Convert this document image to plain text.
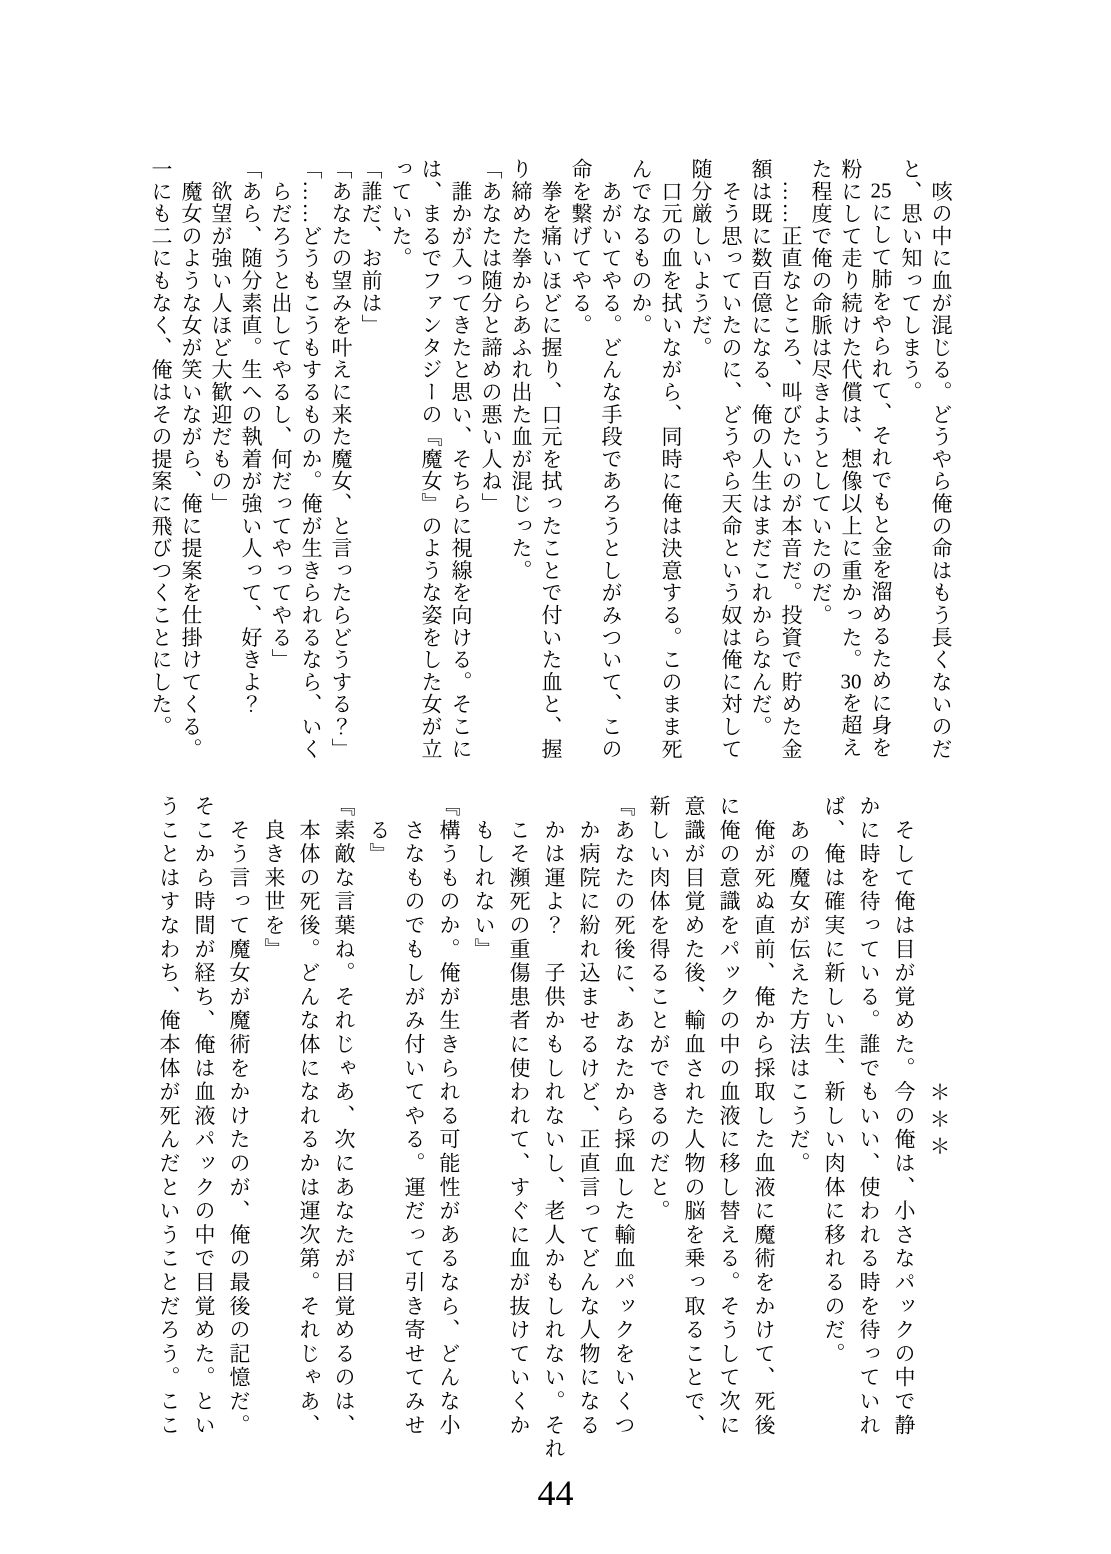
　咳の中に血が混じる。どうやら俺の命はもう長くないのだ

と、思い知ってしまう。

　25にして肺をやられて、それでもと金を溜めるために身を

粉にして走り続けた代償は、想像以上に重かった。30を超え

た程度で俺の命脈は尽きようとしていたのだ。

　……正直なところ、叫びたいのが本音だ。投資で貯めた金

額は既に数百億になる、俺の人生はまだこれからなんだ。

　そう思っていたのに、どうやら天命という奴は俺に対して

随分厳しいようだ。

　口元の血を拭いながら、同時に俺は決意する。このまま死

んでなるものか。

　あがいてやる。どんな手段であろうとしがみついて、この

命を繋げてやる。

　拳を痛いほどに握り、口元を拭ったことで付いた血と、握

り締めた拳からあふれ出た血が混じった。

「あなたは随分と諦めの悪い人ね」

　誰かが入ってきたと思い、そちらに視線を向ける。そこに

は、まるでファンタジーの『魔女』のような姿をした女が立

っていた。

「誰だ、お前は」

「あなたの望みを叶えに来た魔女、と言ったらどうする？」

「……どうもこうもするものか。俺が生きられるなら、いく

　らだろうと出してやるし、何だってやってやる」

「あら、随分素直。生への執着が強い人って、好きよ？

　欲望が強い人ほど大歓迎だもの」

　魔女のような女が笑いながら、俺に提案を仕掛けてくる。

一にも二にもなく、俺はその提案に飛びつくことにした。

＊＊＊

　そして俺は目が覚めた。今の俺は、小さなパックの中で静

かに時を待っている。誰でもいい、使われる時を待っていれ

ば、俺は確実に新しい生、新しい肉体に移れるのだ。

　あの魔女が伝えた方法はこうだ。

　俺が死ぬ直前、俺から採取した血液に魔術をかけて、死後

に俺の意識をパックの中の血液に移し替える。そうして次に

意識が目覚めた後、輸血された人物の脳を乗っ取ることで、

新しい肉体を得ることができるのだと。

『あなたの死後に、あなたから採血した輸血パックをいくつ

　か病院に紛れ込ませるけど、正直言ってどんな人物になる

　かは運よ？　子供かもしれないし、老人かもしれない。それ

　こそ瀕死の重傷患者に使われて、すぐに血が抜けていくか

　もしれない』

『構うものか。俺が生きられる可能性があるなら、どんな小

　さなものでもしがみ付いてやる。運だって引き寄せてみせ

　る』

『素敵な言葉ね。それじゃあ、次にあなたが目覚めるのは、

　本体の死後。どんな体になれるかは運次第。それじゃあ、

　良き来世を』

　そう言って魔女が魔術をかけたのが、俺の最後の記憶だ。

そこから時間が経ち、俺は血液パックの中で目覚めた。とい

うことはすなわち、俺本体が死んだということだろう。ここ

44
